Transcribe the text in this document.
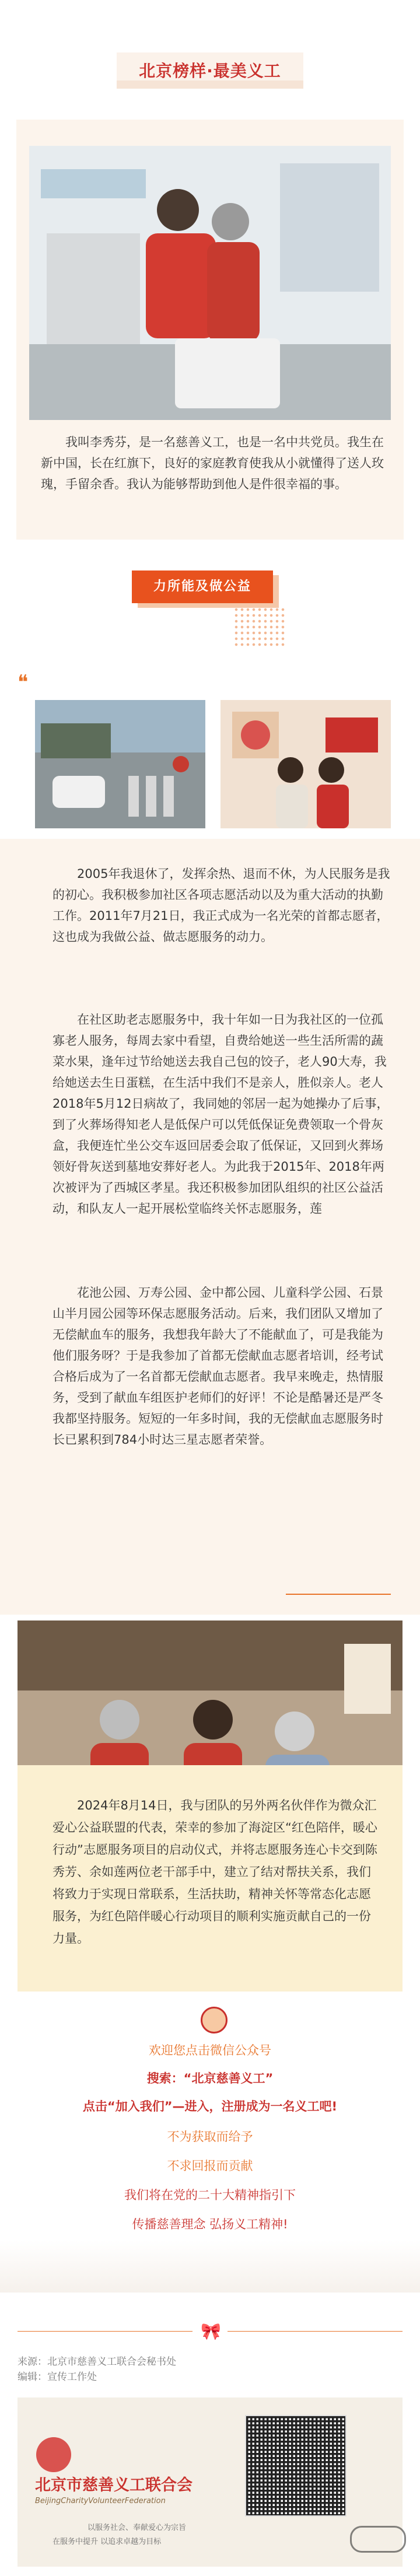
北京榜样·最美义工
我叫李秀芬，是一名慈善义工，也是一名中共党员。我生在新中国，长在红旗下，良好的家庭教育使我从小就懂得了送人玫瑰，手留余香。我认为能够帮助到他人是件很幸福的事。
力所能及做公益
❝
2005年我退休了，发挥余热、退而不休，为人民服务是我的初心。我积极参加社区各项志愿活动以及为重大活动的执勤工作。2011年7月21日，我正式成为一名光荣的首都志愿者，这也成为我做公益、做志愿服务的动力。
在社区助老志愿服务中，我十年如一日为我社区的一位孤寡老人服务，每周去家中看望，自费给她送一些生活所需的蔬菜水果，逢年过节给她送去我自己包的饺子，老人90大寿，我给她送去生日蛋糕，在生活中我们不是亲人，胜似亲人。老人2018年5月12日病故了，我同她的邻居一起为她操办了后事，到了火葬场得知老人是低保户可以凭低保证免费领取一个骨灰盒，我便连忙坐公交车返回居委会取了低保证，又回到火葬场领好骨灰送到墓地安葬好老人。为此我于2015年、2018年两次被评为了西城区孝星。我还积极参加团队组织的社区公益活动，和队友人一起开展松堂临终关怀志愿服务，莲
花池公园、万寿公园、金中都公园、儿童科学公园、石景山半月园公园等环保志愿服务活动。后来，我们团队又增加了无偿献血车的服务，我想我年龄大了不能献血了，可是我能为他们服务呀？于是我参加了首都无偿献血志愿者培训，经考试合格后成为了一名首都无偿献血志愿者。我早来晚走，热情服务，受到了献血车组医护老师们的好评！不论是酷暑还是严冬我都坚持服务。短短的一年多时间，我的无偿献血志愿服务时长已累积到784小时达三星志愿者荣誉。
2024年8月14日，我与团队的另外两名伙伴作为微众汇爱心公益联盟的代表，荣幸的参加了海淀区“红色陪伴，暖心行动”志愿服务项目的启动仪式，并将志愿服务连心卡交到陈秀芳、余如莲两位老干部手中，建立了结对帮扶关系，我们将致力于实现日常联系，生活扶助，精神关怀等常态化志愿服务，为红色陪伴暖心行动项目的顺利实施贡献自己的一份力量。
欢迎您点击微信公众号
搜索：“北京慈善义工”
点击“加入我们”—进入，注册成为一名义工吧!
不为获取而给予
不求回报而贡献
我们将在党的二十大精神指引下
传播慈善理念 弘扬义工精神!
🎀
来源：北京市慈善义工联合会秘书处
编辑：宣传工作处
北京市慈善义工联合会
BeijingCharityVolunteerFederation
以服务社会、奉献爱心为宗旨
在服务中提升 以追求卓越为目标
